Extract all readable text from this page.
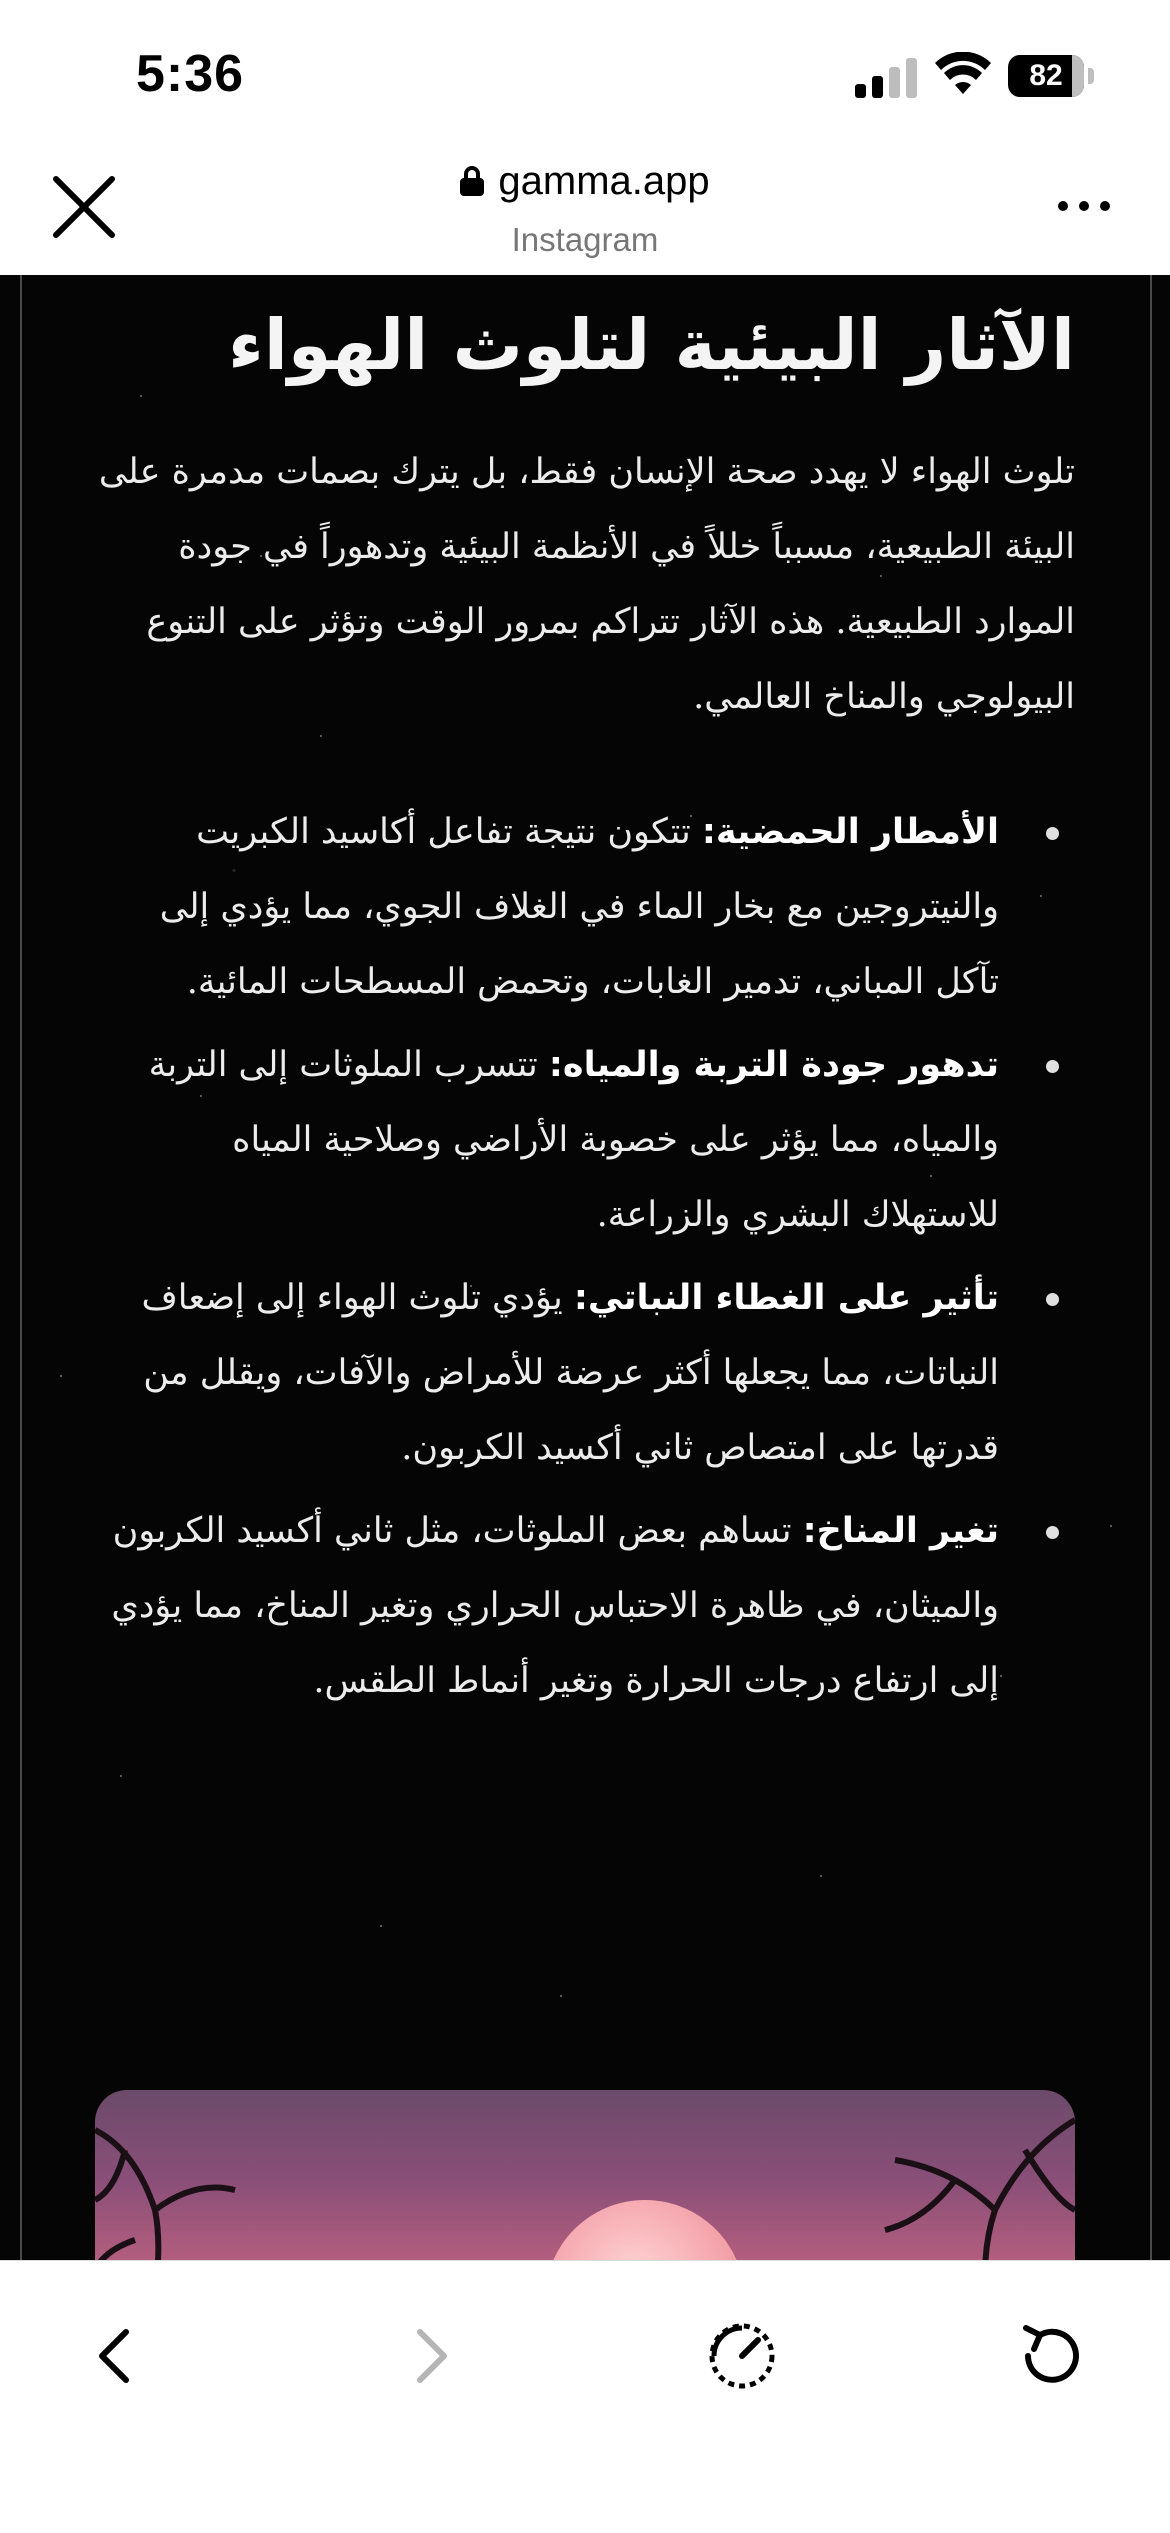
5:36	82
gamma.app
Instagram
الآثار البيئية لتلوث الهواء

تلوث الهواء لا يهدد صحة الإنسان فقط، بل يترك بصمات مدمرة على البيئة الطبيعية، مسبباً خللاً في الأنظمة البيئية وتدهوراً في جودة الموارد الطبيعية. هذه الآثار تتراكم بمرور الوقت وتؤثر على التنوع البيولوجي والمناخ العالمي.

الأمطار الحمضية: تتكون نتيجة تفاعل أكاسيد الكبريت والنيتروجين مع بخار الماء في الغلاف الجوي، مما يؤدي إلى تآكل المباني، تدمير الغابات، وتحمض المسطحات المائية.
تدهور جودة التربة والمياه: تتسرب الملوثات إلى التربة والمياه، مما يؤثر على خصوبة الأراضي وصلاحية المياه للاستهلاك البشري والزراعة.
تأثير على الغطاء النباتي: يؤدي تلوث الهواء إلى إضعاف النباتات، مما يجعلها أكثر عرضة للأمراض والآفات، ويقلل من قدرتها على امتصاص ثاني أكسيد الكربون.
تغير المناخ: تساهم بعض الملوثات، مثل ثاني أكسيد الكربون والميثان، في ظاهرة الاحتباس الحراري وتغير المناخ، مما يؤدي إلى ارتفاع درجات الحرارة وتغير أنماط الطقس.
